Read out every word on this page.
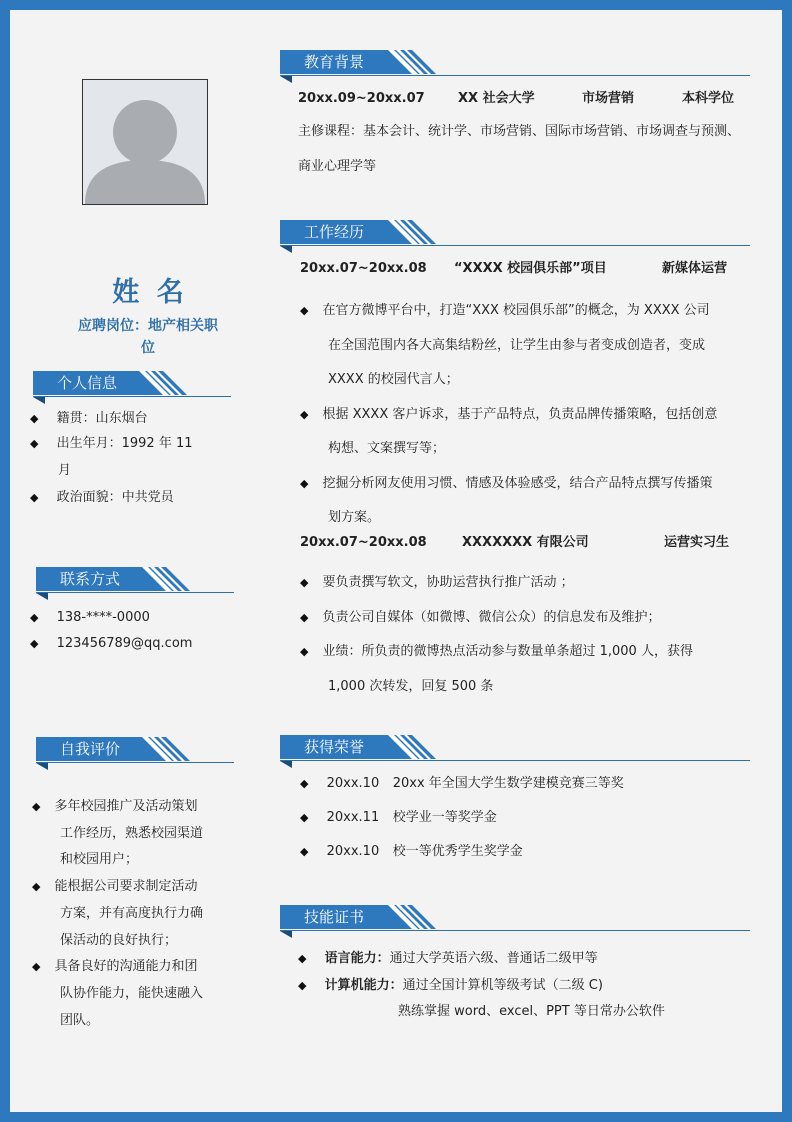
姓 名
应聘岗位：地产相关职
位
个人信息
◆ 籍贯：山东烟台
◆ 出生年月：1992 年 11
月
◆ 政治面貌：中共党员
联系方式
◆ 138-****-0000
◆ 123456789@qq.com
自我评价
◆ 多年校园推广及活动策划
工作经历，熟悉校园渠道
和校园用户；
◆ 能根据公司要求制定活动
方案，并有高度执行力确
保活动的良好执行；
◆ 具备良好的沟通能力和团
队协作能力，能快速融入
团队。
教育背景
20xx.09~20xx.07	XX 社会大学	市场营销	本科学位
主修课程：基本会计、统计学、市场营销、国际市场营销、市场调查与预测、
商业心理学等
工作经历
20xx.07~20xx.08 “XXXX 校园俱乐部”项目	新媒体运营
◆ 在官方微博平台中，打造“XXX 校园俱乐部”的概念，为 XXXX 公司
在全国范围内各大高集结粉丝，让学生由参与者变成创造者，变成
XXXX 的校园代言人；
◆ 根据 XXXX 客户诉求，基于产品特点，负责品牌传播策略，包括创意
构想、文案撰写等；
◆ 挖掘分析网友使用习惯、情感及体验感受，结合产品特点撰写传播策
划方案。
20xx.07~20xx.08	XXXXXXX 有限公司	运营实习生
◆ 要负责撰写软文，协助运营执行推广活动 ；
◆ 负责公司自媒体（如微博、微信公众）的信息发布及维护；
◆ 业绩：所负责的微博热点活动参与数量单条超过 1,000 人，获得
1,000 次转发，回复 500 条
获得荣誉
◆ 20xx.10 20xx 年全国大学生数学建模竞赛三等奖
◆ 20xx.11 校学业一等奖学金
◆ 20xx.10 校一等优秀学生奖学金
技能证书
◆ 语言能力：通过大学英语六级、普通话二级甲等
◆ 计算机能力：通过全国计算机等级考试（二级 C)
熟练掌握 word、excel、PPT 等日常办公软件
